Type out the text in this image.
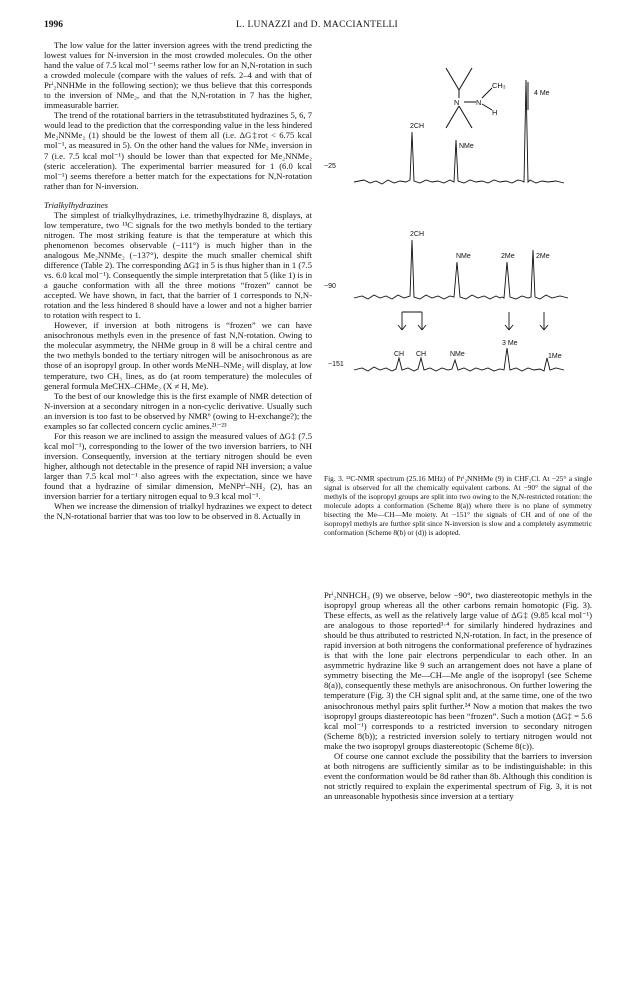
1996	L. LUNAZZI and D. MACCIANTELLI

The low value for the latter inversion agrees with the trend predicting the lowest values for N-inversion in the most crowded molecules. On the other hand the value of 7.5 kcal mol⁻¹ seems rather low for an N,N-rotation in such a crowded molecule (compare with the values of refs. 2–4 and with that of Prⁱ₂NNHMe in the following section); we thus believe that this corresponds to the inversion of NMe₂, and that the N,N-rotation in 7 has the higher, immeasurable barrier.

The trend of the rotational barriers in the tetrasubstituted hydrazines 5, 6, 7 would lead to the prediction that the corresponding value in the less hindered Me₂NNMe₂ (1) should be the lowest of them all (i.e. ΔG‡rot < 6.75 kcal mol⁻¹, as measured in 5). On the other hand the values for NMe₂ inversion in 7 (i.e. 7.5 kcal mol⁻¹) should be lower than that expected for Me₂NNMe₂ (steric acceleration). The experimental barrier measured for 1 (6.0 kcal mol⁻¹) seems therefore a better match for the expectations for N,N-rotation rather than for N-inversion.

Trialkylhydrazines

The simplest of trialkylhydrazines, i.e. trimethylhydrazine 8, displays, at low temperature, two ¹³C signals for the two methyls bonded to the tertiary nitrogen. The most striking feature is that the temperature at which this phenomenon becomes observable (−111°) is much higher than in the analogous Me₂NNMe₂ (−137°), despite the much smaller chemical shift difference (Table 2). The corresponding ΔG‡ in 5 is thus higher than in 1 (7.5 vs. 6.0 kcal mol⁻¹). Consequently the simple interpretation that 5 (like 1) is in a gauche conformation with all the three motions “frozen” cannot be accepted. We have shown, in fact, that the barrier of 1 corresponds to N,N-rotation and the less hindered 8 should have a lower and not a higher barrier to rotation with respect to 1.

However, if inversion at both nitrogens is “frozen” we can have anisochronous methyls even in the presence of fast N,N-rotation. Owing to the molecular asymmetry, the NHMe group in 8 will be a chiral centre and the two methyls bonded to the tertiary nitrogen will be anisochronous as are those of an isopropyl group. In other words MeNH–NMe₂ will display, at low temperature, two CH₃ lines, as do (at room temperature) the molecules of general formula MeCHX–CHMe₂ (X ≠ H, Me).

To the best of our knowledge this is the first example of NMR detection of N-inversion at a secondary nitrogen in a non-cyclic derivative. Usually such an inversion is too fast to be observed by NMR⁶ (owing to H-exchange?); the examples so far collected concern cyclic amines.²¹⁻²³

For this reason we are inclined to assign the measured values of ΔG‡ (7.5 kcal mol⁻¹), corresponding to the lower of the two inversion barriers, to NH inversion. Consequently, inversion at the tertiary nitrogen should be even higher, although not detectable in the presence of rapid NH inversion; a value larger than 7.5 kcal mol⁻¹ also agrees with the expectation, since we have found that a hydrazine of similar dimension, MeNPrⁱ–NH₂ (2), has an inversion barrier for a tertiary nitrogen equal to 9.3 kcal mol⁻¹.

When we increase the dimension of trialkyl hydrazines we expect to detect the N,N-rotational barrier that was too low to be observed in 8. Actually in

N N
CH₃
H
−25
2CH
NMe
4 Me
−90
2CH
NMe	2Me	2Me
−151
CH CH	NMe
3 Me
1Me
Fig. 3. ¹³C-NMR spectrum (25.16 MHz) of Prⁱ₂NNHMe (9) in CHF₂Cl. At −25° a single signal is observed for all the chemically equivalent carbons. At −90° the signal of the methyls of the isopropyl groups are split into two owing to the N,N-restricted rotation: the molecule adopts a conformation (Scheme 8(a)) where there is no plane of symmetry bisecting the Me—CH—Me moiety. At −151° the signals of CH and of one of the isopropyl methyls are further split since N-inversion is slow and a completely asymmetric conformation (Scheme 8(b) or (d)) is adopted.

Prⁱ₂NNHCH₃ (9) we observe, below −90°, two diastereotopic methyls in the isopropyl group whereas all the other carbons remain homotopic (Fig. 3). These effects, as well as the relatively large value of ΔG‡ (9.85 kcal mol⁻¹) are analogous to those reported³·⁴ for similarly hindered hydrazines and should be thus attributed to restricted N,N-rotation. In fact, in the presence of rapid inversion at both nitrogens the conformational preference of hydrazines is that with the lone pair electrons perpendicular to each other. In an asymmetric hydrazine like 9 such an arrangement does not have a plane of symmetry bisecting the Me—CH—Me angle of the isopropyl (see Scheme 8(a)), consequently these methyls are anisochronous. On further lowering the temperature (Fig. 3) the CH signal split and, at the same time, one of the two anisochronous methyl pairs split further.²⁴ Now a motion that makes the two isopropyl groups diastereotopic has been “frozen”. Such a motion (ΔG‡ = 5.6 kcal mol⁻¹) corresponds to a restricted inversion to secondary nitrogen (Scheme 8(b)); a restricted inversion solely to tertiary nitrogen would not make the two isopropyl groups diastereotopic (Scheme 8(c)).

Of course one cannot exclude the possibility that the barriers to inversion at both nitrogens are sufficiently similar as to be indistinguishable: in this event the conformation would be 8d rather than 8b. Although this condition is not strictly required to explain the experimental spectrum of Fig. 3, it is not an unreasonable hypothesis since inversion at a tertiary
